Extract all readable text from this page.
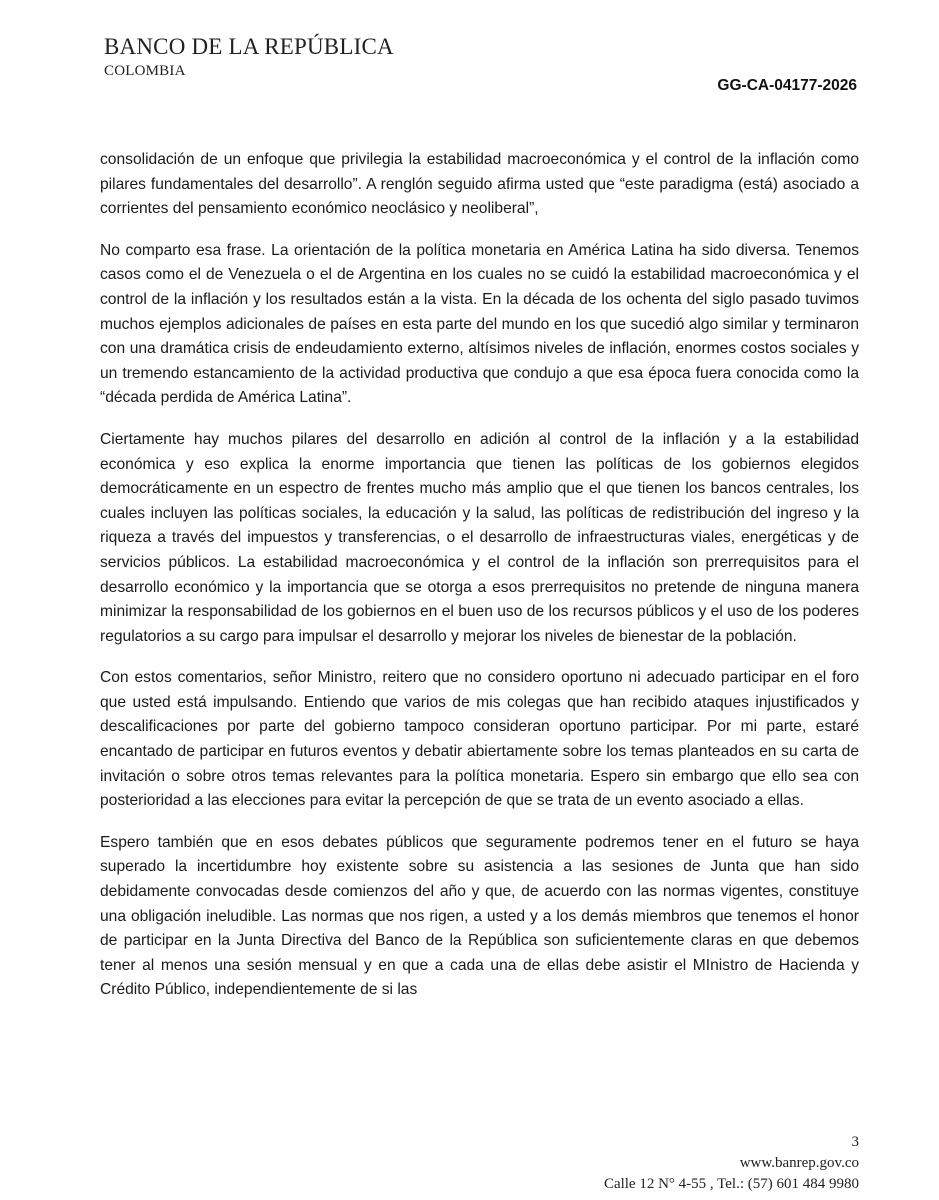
BANCO DE LA REPÚBLICA
COLOMBIA
GG-CA-04177-2026

consolidación de un enfoque que privilegia la estabilidad macroeconómica y el control de la inflación como pilares fundamentales del desarrollo”. A renglón seguido afirma usted que “este paradigma (está) asociado a corrientes del pensamiento económico neoclásico y neoliberal”,

No comparto esa frase. La orientación de la política monetaria en América Latina ha sido diversa. Tenemos casos como el de Venezuela o el de Argentina en los cuales no se cuidó la estabilidad macroeconómica y el control de la inflación y los resultados están a la vista. En la década de los ochenta del siglo pasado tuvimos muchos ejemplos adicionales de países en esta parte del mundo en los que sucedió algo similar y terminaron con una dramática crisis de endeudamiento externo, altísimos niveles de inflación, enormes costos sociales y un tremendo estancamiento de la actividad productiva que condujo a que esa época fuera conocida como la “década perdida de América Latina”.

Ciertamente hay muchos pilares del desarrollo en adición al control de la inflación y a la estabilidad económica y eso explica la enorme importancia que tienen las políticas de los gobiernos elegidos democráticamente en un espectro de frentes mucho más amplio que el que tienen los bancos centrales, los cuales incluyen las políticas sociales, la educación y la salud, las políticas de redistribución del ingreso y la riqueza a través del impuestos y transferencias, o el desarrollo de infraestructuras viales, energéticas y de servicios públicos. La estabilidad macroeconómica y el control de la inflación son prerrequisitos para el desarrollo económico y la importancia que se otorga a esos prerrequisitos no pretende de ninguna manera minimizar la responsabilidad de los gobiernos en el buen uso de los recursos públicos y el uso de los poderes regulatorios a su cargo para impulsar el desarrollo y mejorar los niveles de bienestar de la población.

Con estos comentarios, señor Ministro, reitero que no considero oportuno ni adecuado participar en el foro que usted está impulsando. Entiendo que varios de mis colegas que han recibido ataques injustificados y descalificaciones por parte del gobierno tampoco consideran oportuno participar. Por mi parte, estaré encantado de participar en futuros eventos y debatir abiertamente sobre los temas planteados en su carta de invitación o sobre otros temas relevantes para la política monetaria. Espero sin embargo que ello sea con posterioridad a las elecciones para evitar la percepción de que se trata de un evento asociado a ellas.

Espero también que en esos debates públicos que seguramente podremos tener en el futuro se haya superado la incertidumbre hoy existente sobre su asistencia a las sesiones de Junta que han sido debidamente convocadas desde comienzos del año y que, de acuerdo con las normas vigentes, constituye una obligación ineludible. Las normas que nos rigen, a usted y a los demás miembros que tenemos el honor de participar en la Junta Directiva del Banco de la República son suficientemente claras en que debemos tener al menos una sesión mensual y en que a cada una de ellas debe asistir el MInistro de Hacienda y Crédito Público, independientemente de si las

3
www.banrep.gov.co
Calle 12 N° 4-55 , Tel.: (57) 601 484 9980
